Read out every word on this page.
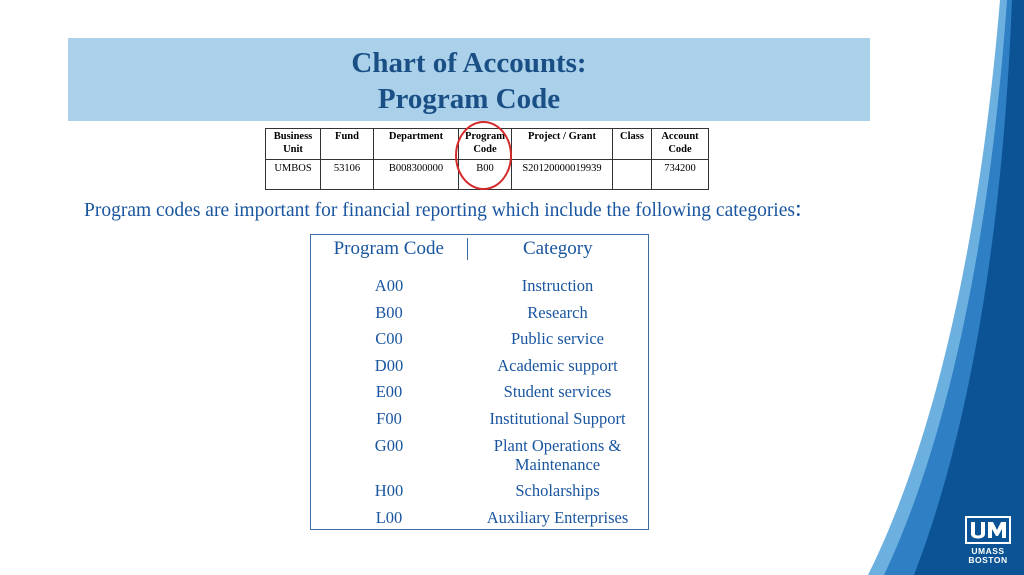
Chart of Accounts:
Program Code
Business Unit	Fund	Department	Program Code	Project / Grant	Class	Account Code
UMBOS	53106	B008300000	B00	S20120000019939		734200
Program codes are important for financial reporting which include the following categories:
Program Code	Category
A00	Instruction
B00	Research
C00	Public service
D00	Academic support
E00	Student services
F00	Institutional Support
G00	Plant Operations & Maintenance
H00	Scholarships
L00	Auxiliary Enterprises
UMASS
BOSTON
